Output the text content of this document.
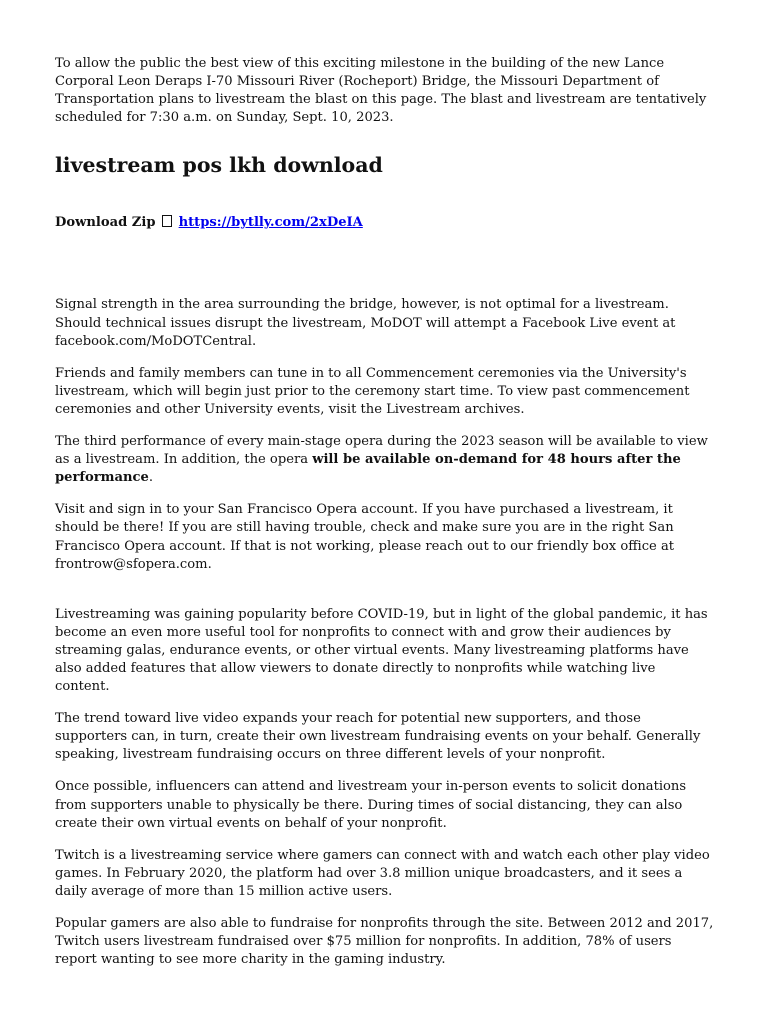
To allow the public the best view of this exciting milestone in the building of the new Lance Corporal Leon Deraps I-70 Missouri River (Rocheport) Bridge, the Missouri Department of Transportation plans to livestream the blast on this page. The blast and livestream are tentatively scheduled for 7:30 a.m. on Sunday, Sept. 10, 2023.

livestream pos lkh download

Download Zip https://bytlly.com/2xDeIA

Signal strength in the area surrounding the bridge, however, is not optimal for a livestream. Should technical issues disrupt the livestream, MoDOT will attempt a Facebook Live event at facebook.com/MoDOTCentral.

Friends and family members can tune in to all Commencement ceremonies via the University's livestream, which will begin just prior to the ceremony start time. To view past commencement ceremonies and other University events, visit the Livestream archives.

The third performance of every main-stage opera during the 2023 season will be available to view as a livestream. In addition, the opera will be available on-demand for 48 hours after the performance.

Visit and sign in to your San Francisco Opera account. If you have purchased a livestream, it should be there! If you are still having trouble, check and make sure you are in the right San Francisco Opera account. If that is not working, please reach out to our friendly box office at frontrow@sfopera.com.

Livestreaming was gaining popularity before COVID-19, but in light of the global pandemic, it has become an even more useful tool for nonprofits to connect with and grow their audiences by streaming galas, endurance events, or other virtual events. Many livestreaming platforms have also added features that allow viewers to donate directly to nonprofits while watching live content.

The trend toward live video expands your reach for potential new supporters, and those supporters can, in turn, create their own livestream fundraising events on your behalf. Generally speaking, livestream fundraising occurs on three different levels of your nonprofit.

Once possible, influencers can attend and livestream your in-person events to solicit donations from supporters unable to physically be there. During times of social distancing, they can also create their own virtual events on behalf of your nonprofit.

Twitch is a livestreaming service where gamers can connect with and watch each other play video games. In February 2020, the platform had over 3.8 million unique broadcasters, and it sees a daily average of more than 15 million active users.

Popular gamers are also able to fundraise for nonprofits through the site. Between 2012 and 2017, Twitch users livestream fundraised over $75 million for nonprofits. In addition, 78% of users report wanting to see more charity in the gaming industry.
